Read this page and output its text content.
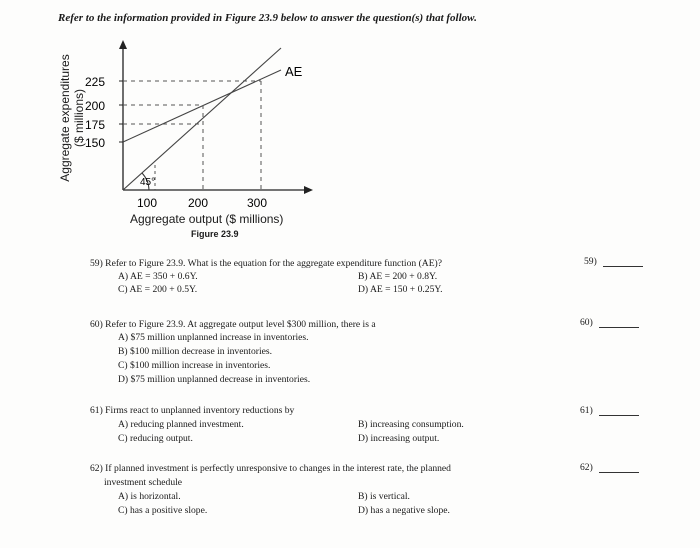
Refer to the information provided in Figure 23.9 below to answer the question(s) that follow.
Aggregate expenditures ($ millions)
225
200
175
150
AE
45°
100	200	300
Aggregate output ($ millions)
Figure 23.9
59) Refer to Figure 23.9. What is the equation for the aggregate expenditure function (AE)?
A) AE = 350 + 0.6Y.	B) AE = 200 + 0.8Y.
C) AE = 200 + 0.5Y.	D) AE = 150 + 0.25Y.
59)
60) Refer to Figure 23.9. At aggregate output level $300 million, there is a
A) $75 million unplanned increase in inventories.
B) $100 million decrease in inventories.
C) $100 million increase in inventories.
D) $75 million unplanned decrease in inventories.
60)
61) Firms react to unplanned inventory reductions by
A) reducing planned investment.	B) increasing consumption.
C) reducing output.	D) increasing output.
61)
62) If planned investment is perfectly unresponsive to changes in the interest rate, the planned
investment schedule
A) is horizontal.	B) is vertical.
C) has a positive slope.	D) has a negative slope.
62)
